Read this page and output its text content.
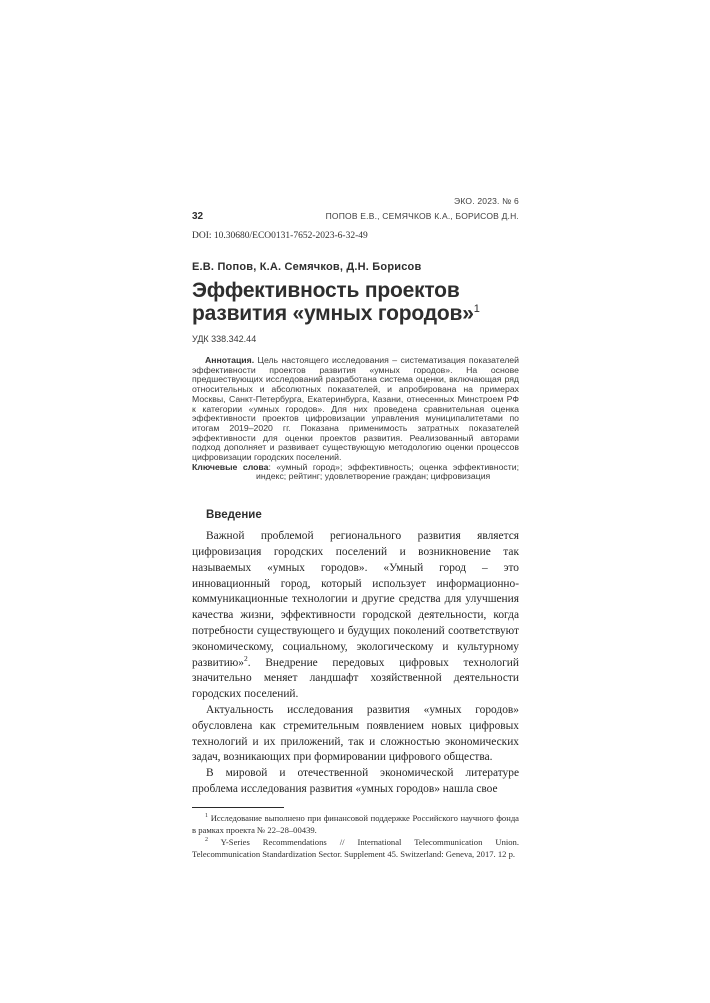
ЭКО. 2023. № 6
32	ПОПОВ Е.В., СЕМЯЧКОВ К.А., БОРИСОВ Д.Н.
DOI: 10.30680/ECO0131-7652-2023-6-32-49
Е.В. Попов, К.А. Семячков, Д.Н. Борисов
Эффективность проектов
развития «умных городов»$^1$
УДК 338.342.44

Аннотация. Цель настоящего исследования – систематизация показателей эффективности проектов развития «умных городов». На основе предшествующих исследований разработана система оценки, включающая ряд относительных и абсолютных показателей, и апробирована на примерах Москвы, Санкт-Петербурга, Екатеринбурга, Казани, отнесенных Минстроем РФ к категории «умных городов». Для них проведена сравнительная оценка эффективности проектов цифровизации управления муниципалитетами по итогам 2019–2020 гг. Показана применимость затратных показателей эффективности для оценки проектов развития. Реализованный авторами подход дополняет и развивает существующую методологию оценки процессов цифровизации городских поселений.

Ключевые слова: «умный город»; эффективность; оценка эффективности; индекс; рейтинг; удовлетворение граждан; цифровизация

Введение

Важной проблемой регионального развития является цифровизация городских поселений и возникновение так называемых «умных городов». «Умный город – это инновационный город, который использует информационно-коммуникационные технологии и другие средства для улучшения качества жизни, эффективности городской деятельности, когда потребности существующего и будущих поколений соответствуют экономическому, социальному, экологическому и культурному развитию»$^2$. Внедрение передовых цифровых технологий значительно меняет ландшафт хозяйственной деятельности городских поселений.

Актуальность исследования развития «умных городов» обусловлена как стремительным появлением новых цифровых технологий и их приложений, так и сложностью экономических задач, возникающих при формировании цифрового общества.

В мировой и отечественной экономической литературе проблема исследования развития «умных городов» нашла свое

$^1$ Исследование выполнено при финансовой поддержке Российского научного фонда в рамках проекта № 22–28–00439.

$^2$ Y-Series Recommendations // International Telecommunication Union. Telecommunication Standardization Sector. Supplement 45. Switzerland: Geneva, 2017. 12 p.
